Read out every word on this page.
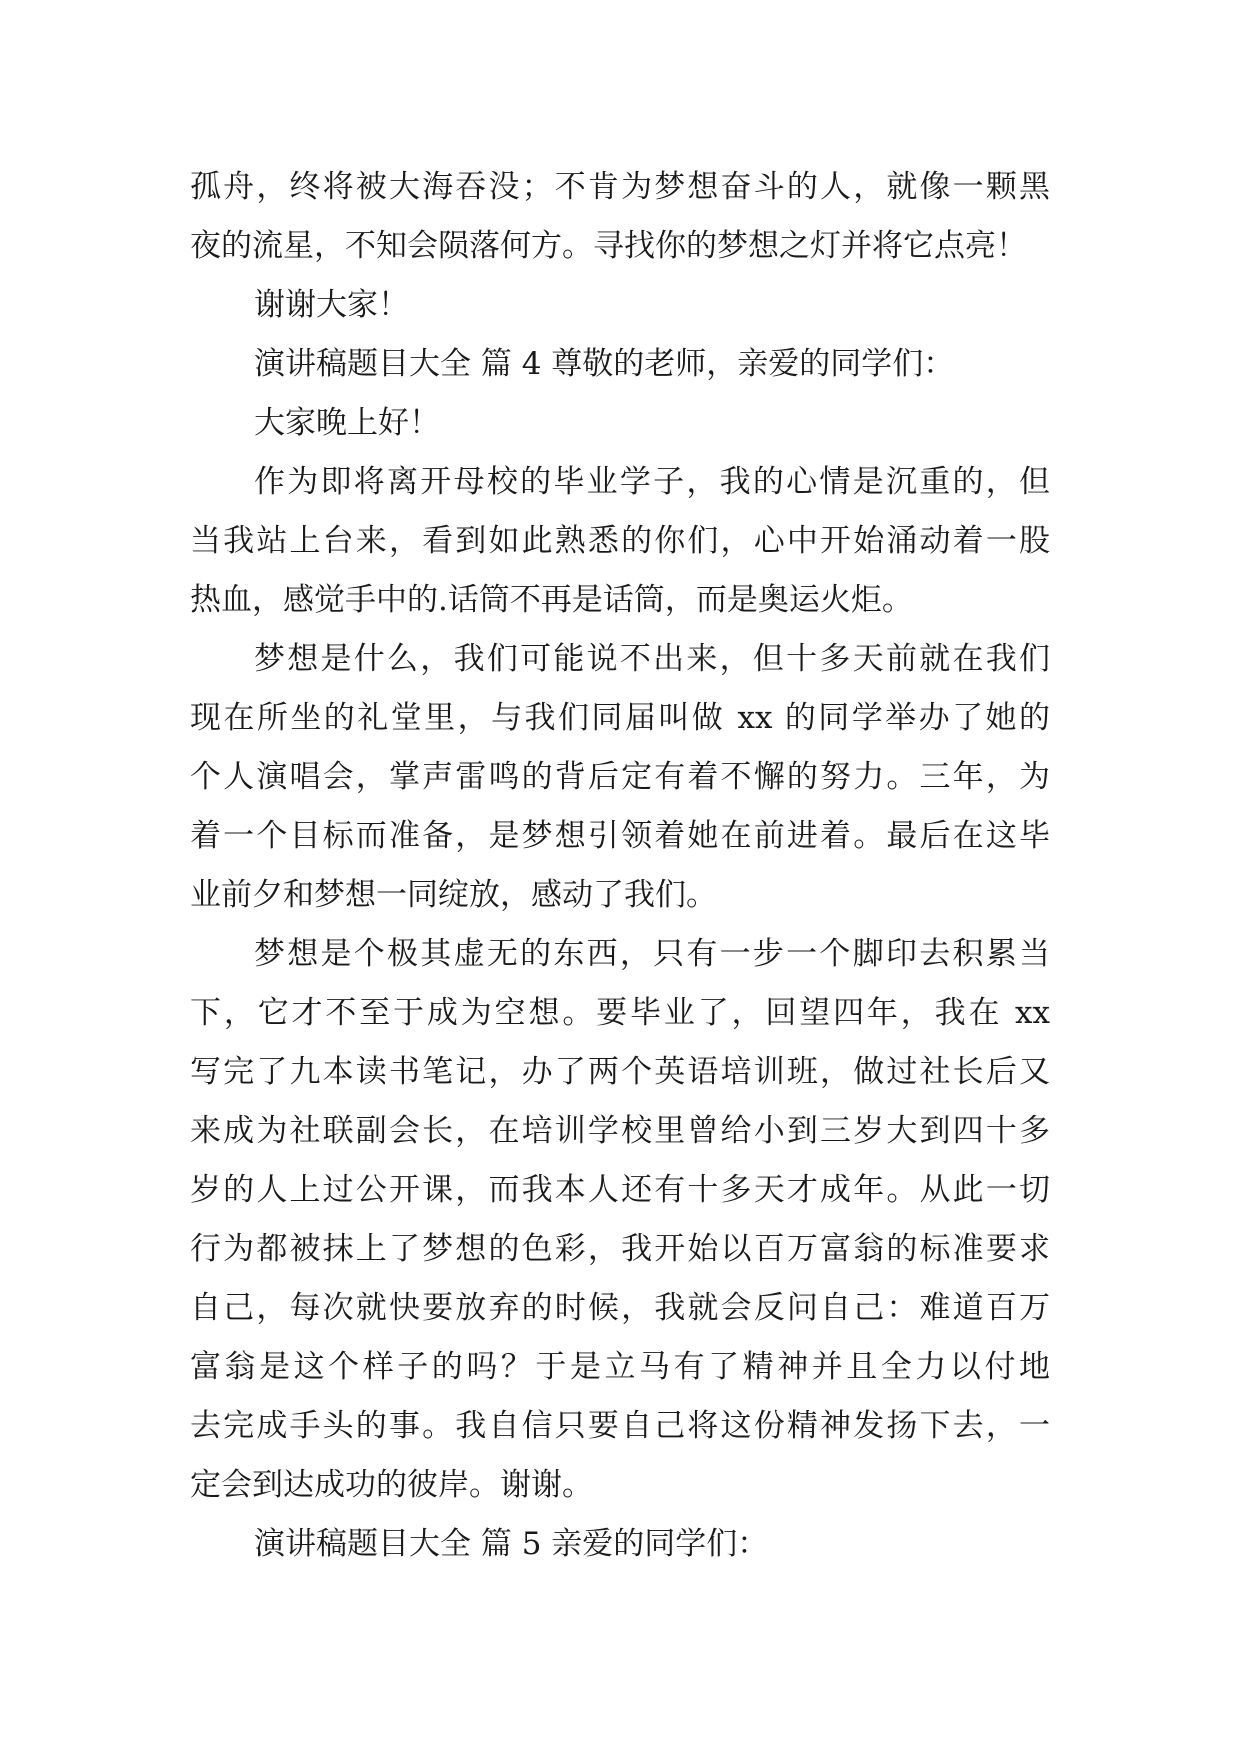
孤舟，终将被大海吞没；不肯为梦想奋斗的人，就像一颗黑
夜的流星，不知会陨落何方。寻找你的梦想之灯并将它点亮！
谢谢大家！
演讲稿题目大全 篇 4 尊敬的老师，亲爱的同学们：
大家晚上好！
作为即将离开母校的毕业学子，我的心情是沉重的，但
当我站上台来，看到如此熟悉的你们，心中开始涌动着一股
热血，感觉手中的.话筒不再是话筒，而是奥运火炬。
梦想是什么，我们可能说不出来，但十多天前就在我们
现在所坐的礼堂里，与我们同届叫做 xx 的同学举办了她的
个人演唱会，掌声雷鸣的背后定有着不懈的努力。三年，为
着一个目标而准备，是梦想引领着她在前进着。最后在这毕
业前夕和梦想一同绽放，感动了我们。
梦想是个极其虚无的东西，只有一步一个脚印去积累当
下，它才不至于成为空想。要毕业了，回望四年，我在 xx
写完了九本读书笔记，办了两个英语培训班，做过社长后又
来成为社联副会长，在培训学校里曾给小到三岁大到四十多
岁的人上过公开课，而我本人还有十多天才成年。从此一切
行为都被抹上了梦想的色彩，我开始以百万富翁的标准要求
自己，每次就快要放弃的时候，我就会反问自己：难道百万
富翁是这个样子的吗？于是立马有了精神并且全力以付地
去完成手头的事。我自信只要自己将这份精神发扬下去，一
定会到达成功的彼岸。谢谢。
演讲稿题目大全 篇 5 亲爱的同学们：
